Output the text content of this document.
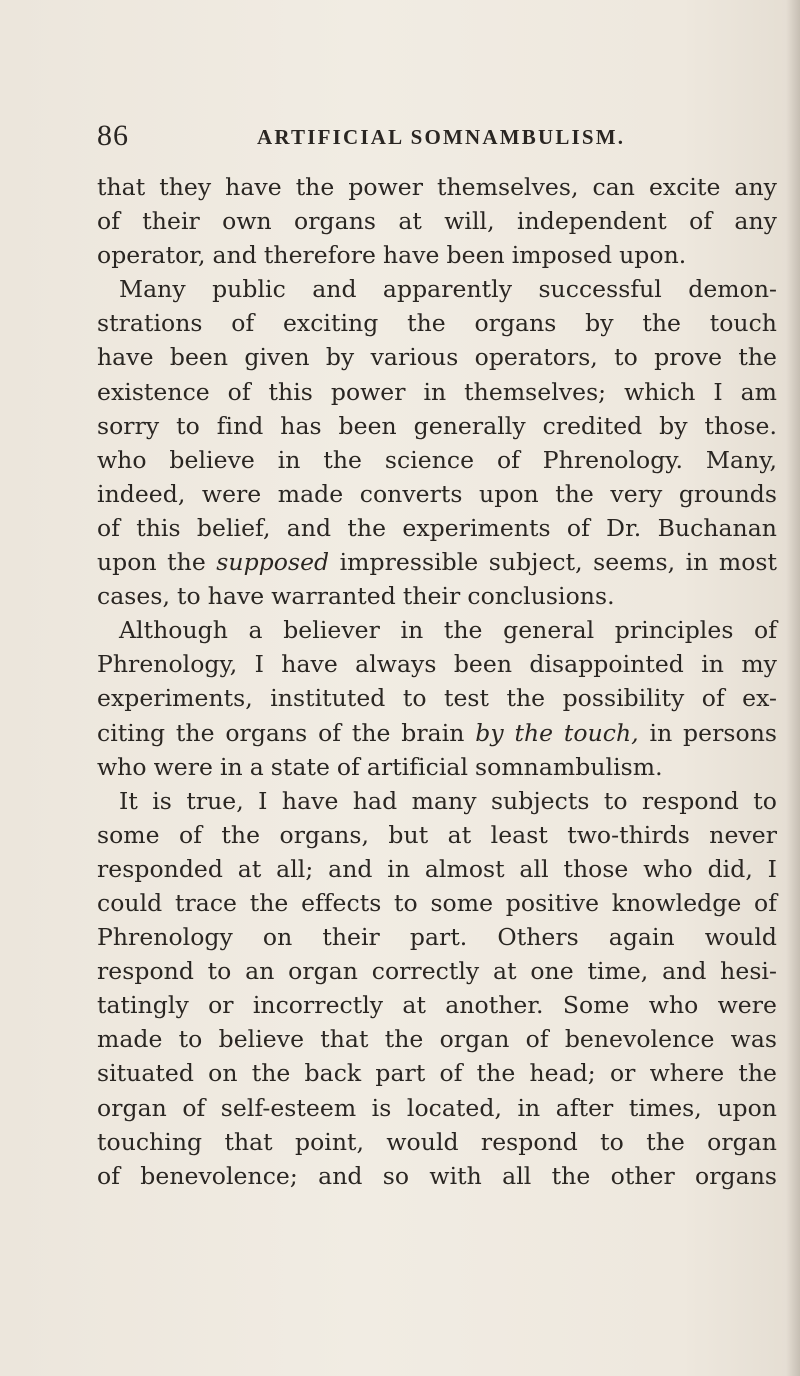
86	ARTIFICIAL SOMNAMBULISM.
that they have the power themselves, can excite any
of their own organs at will, independent of any
operator, and therefore have been imposed upon.
Many public and apparently successful demon-
strations of exciting the organs by the touch
have been given by various operators, to prove the
existence of this power in themselves; which I am
sorry to find has been generally credited by those.
who believe in the science of Phrenology. Many,
indeed, were made converts upon the very grounds
of this belief, and the experiments of Dr. Buchanan
upon the supposed impressible subject, seems, in most
cases, to have warranted their conclusions.
Although a believer in the general principles of
Phrenology, I have always been disappointed in my
experiments, instituted to test the possibility of ex-
citing the organs of the brain by the touch, in persons
who were in a state of artificial somnambulism.
It is true, I have had many subjects to respond to
some of the organs, but at least two-thirds never
responded at all; and in almost all those who did, I
could trace the effects to some positive knowledge of
Phrenology on their part. Others again would
respond to an organ correctly at one time, and hesi-
tatingly or incorrectly at another. Some who were
made to believe that the organ of benevolence was
situated on the back part of the head; or where the
organ of self-esteem is located, in after times, upon
touching that point, would respond to the organ
of benevolence; and so with all the other organs
